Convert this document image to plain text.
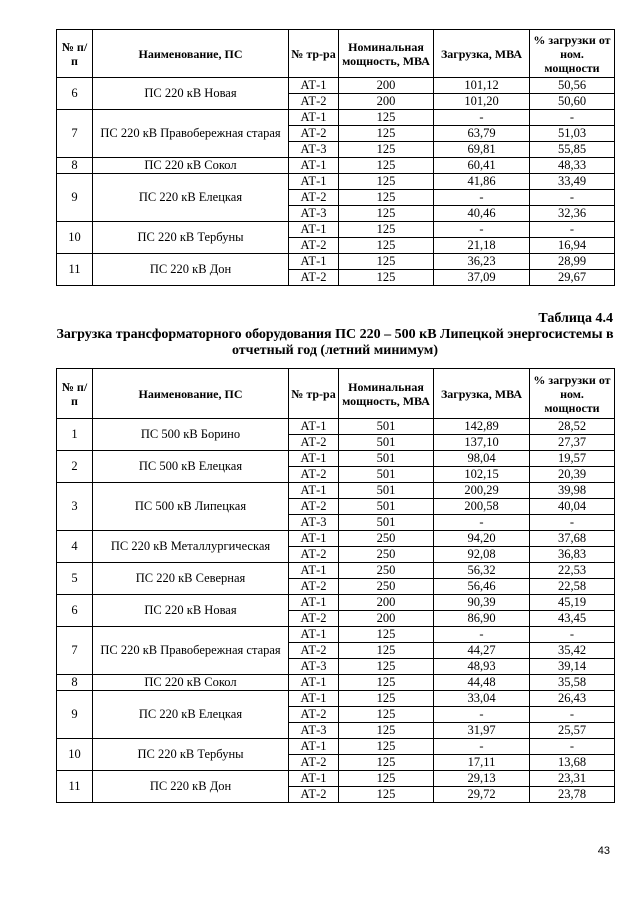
№ п/п	Наименование, ПС	№ тр-ра	Номинальная мощность, МВА	Загрузка, МВА	% загрузки от ном. мощности
6	ПС 220 кВ Новая	АТ-1	200	101,12	50,56
		АТ-2	200	101,20	50,60
7	ПС 220 кВ Правобережная старая	АТ-1	125	-	-
		АТ-2	125	63,79	51,03
		АТ-3	125	69,81	55,85
8	ПС 220 кВ Сокол	АТ-1	125	60,41	48,33
9	ПС 220 кВ Елецкая	АТ-1	125	41,86	33,49
		АТ-2	125	-	-
		АТ-3	125	40,46	32,36
10	ПС 220 кВ Тербуны	АТ-1	125	-	-
		АТ-2	125	21,18	16,94
11	ПС 220 кВ Дон	АТ-1	125	36,23	28,99
		АТ-2	125	37,09	29,67
Таблица 4.4
Загрузка трансформаторного оборудования ПС 220 – 500 кВ Липецкой энергосистемы в отчетный год (летний минимум)
№ п/п	Наименование, ПС	№ тр-ра	Номинальная мощность, МВА	Загрузка, МВА	% загрузки от ном. мощности
1	ПС 500 кВ Борино	АТ-1	501	142,89	28,52
		АТ-2	501	137,10	27,37
2	ПС 500 кВ Елецкая	АТ-1	501	98,04	19,57
		АТ-2	501	102,15	20,39
3	ПС 500 кВ Липецкая	АТ-1	501	200,29	39,98
		АТ-2	501	200,58	40,04
		АТ-3	501	-	-
4	ПС 220 кВ Металлургическая	АТ-1	250	94,20	37,68
		АТ-2	250	92,08	36,83
5	ПС 220 кВ Северная	АТ-1	250	56,32	22,53
		АТ-2	250	56,46	22,58
6	ПС 220 кВ Новая	АТ-1	200	90,39	45,19
		АТ-2	200	86,90	43,45
7	ПС 220 кВ Правобережная старая	АТ-1	125	-	-
		АТ-2	125	44,27	35,42
		АТ-3	125	48,93	39,14
8	ПС 220 кВ Сокол	АТ-1	125	44,48	35,58
9	ПС 220 кВ Елецкая	АТ-1	125	33,04	26,43
		АТ-2	125	-	-
		АТ-3	125	31,97	25,57
10	ПС 220 кВ Тербуны	АТ-1	125	-	-
		АТ-2	125	17,11	13,68
11	ПС 220 кВ Дон	АТ-1	125	29,13	23,31
		АТ-2	125	29,72	23,78
43
